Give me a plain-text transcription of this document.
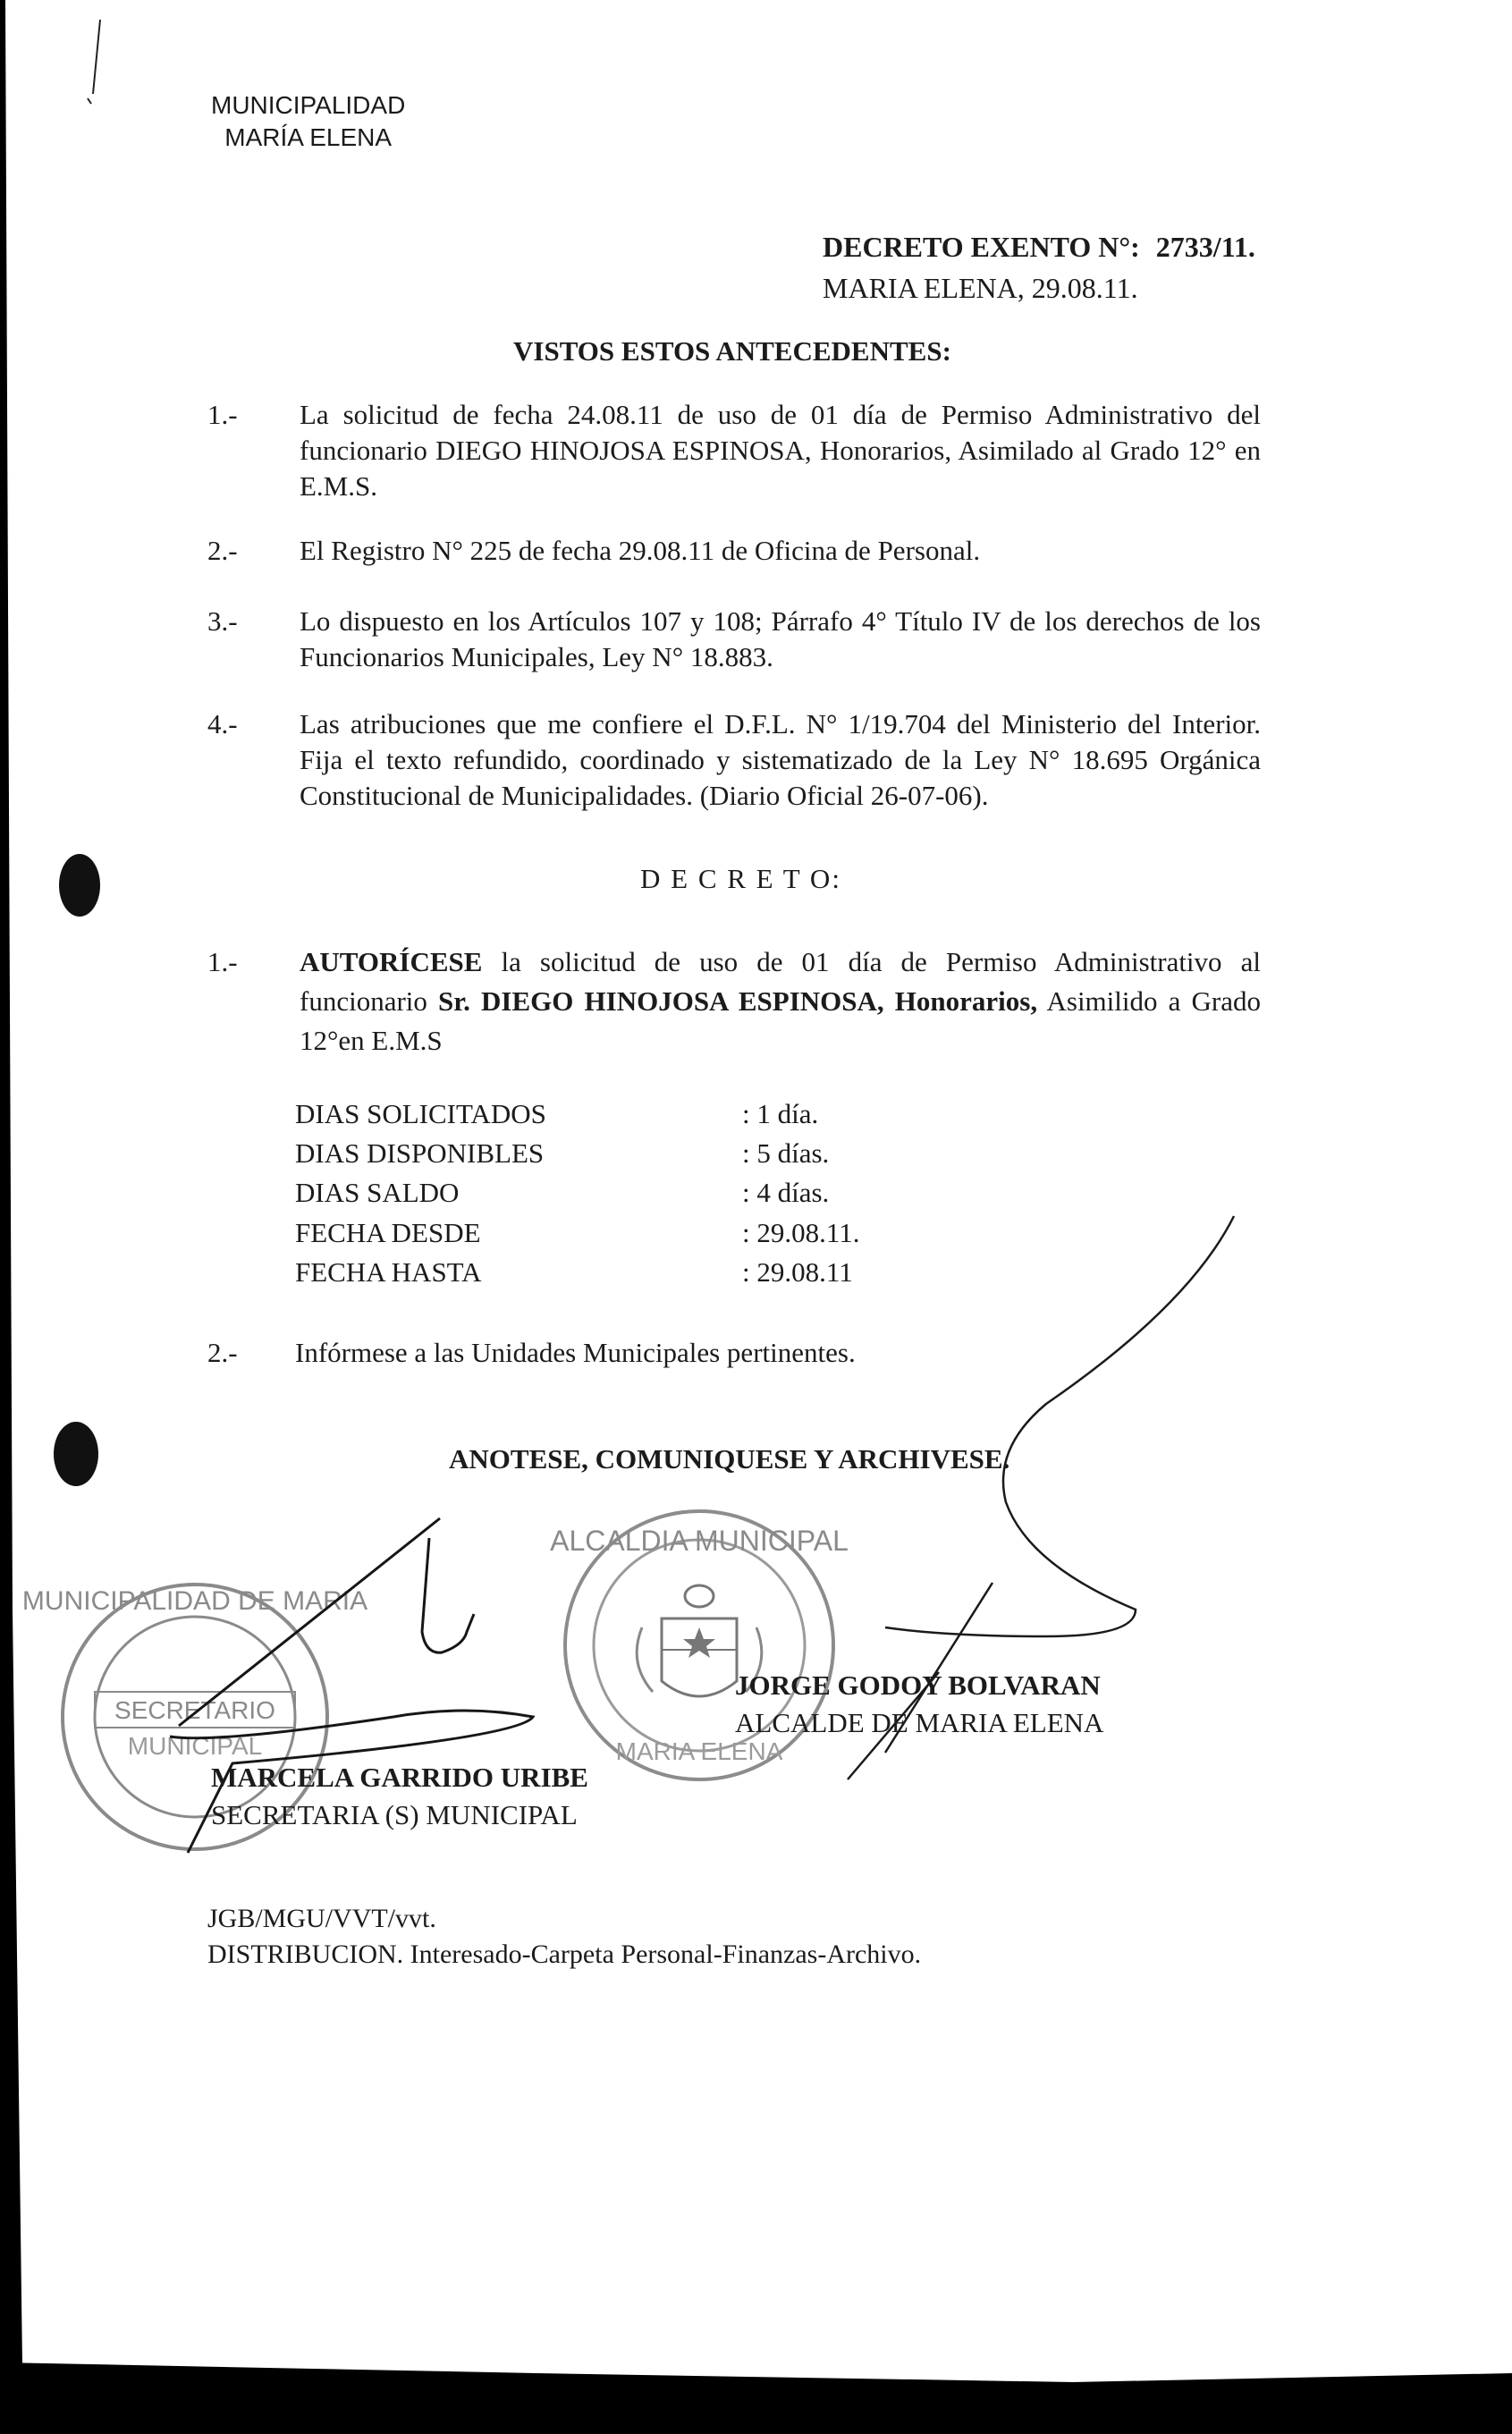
MUNICIPALIDAD
MARÍA ELENA
DECRETO EXENTO N°: 2733/11.
MARIA ELENA, 29.08.11.
VISTOS ESTOS ANTECEDENTES:
1.- La solicitud de fecha 24.08.11 de uso de 01 día de Permiso Administrativo del funcionario DIEGO HINOJOSA ESPINOSA, Honorarios, Asimilado al Grado 12° en E.M.S.
2.- El Registro N° 225 de fecha 29.08.11 de Oficina de Personal.
3.- Lo dispuesto en los Artículos 107 y 108; Párrafo 4° Título IV de los derechos de los Funcionarios Municipales, Ley N° 18.883.
4.- Las atribuciones que me confiere el D.F.L. N° 1/19.704 del Ministerio del Interior. Fija el texto refundido, coordinado y sistematizado de la Ley N° 18.695 Orgánica Constitucional de Municipalidades. (Diario Oficial 26-07-06).
D E C R E T O:
1.- AUTORÍCESE la solicitud de uso de 01 día de Permiso Administrativo al funcionario Sr. DIEGO HINOJOSA ESPINOSA, Honorarios, Asimilido a Grado 12°en E.M.S
DIAS SOLICITADOS	: 1 día.
DIAS DISPONIBLES	: 5 días.
DIAS SALDO	: 4 días.
FECHA DESDE	: 29.08.11.
FECHA HASTA	: 29.08.11
2.- Infórmese a las Unidades Municipales pertinentes.
ANOTESE, COMUNIQUESE Y ARCHIVESE.
SECRETARIO
MUNICIPAL
MUNICIPALIDAD DE MARIA
ALCALDIA MUNICIPAL
MARIA ELENA
JORGE GODOY BOLVARAN
ALCALDE DE MARIA ELENA
MARCELA GARRIDO URIBE
SECRETARIA (S) MUNICIPAL
JGB/MGU/VVT/vvt.
DISTRIBUCION. Interesado-Carpeta Personal-Finanzas-Archivo.
